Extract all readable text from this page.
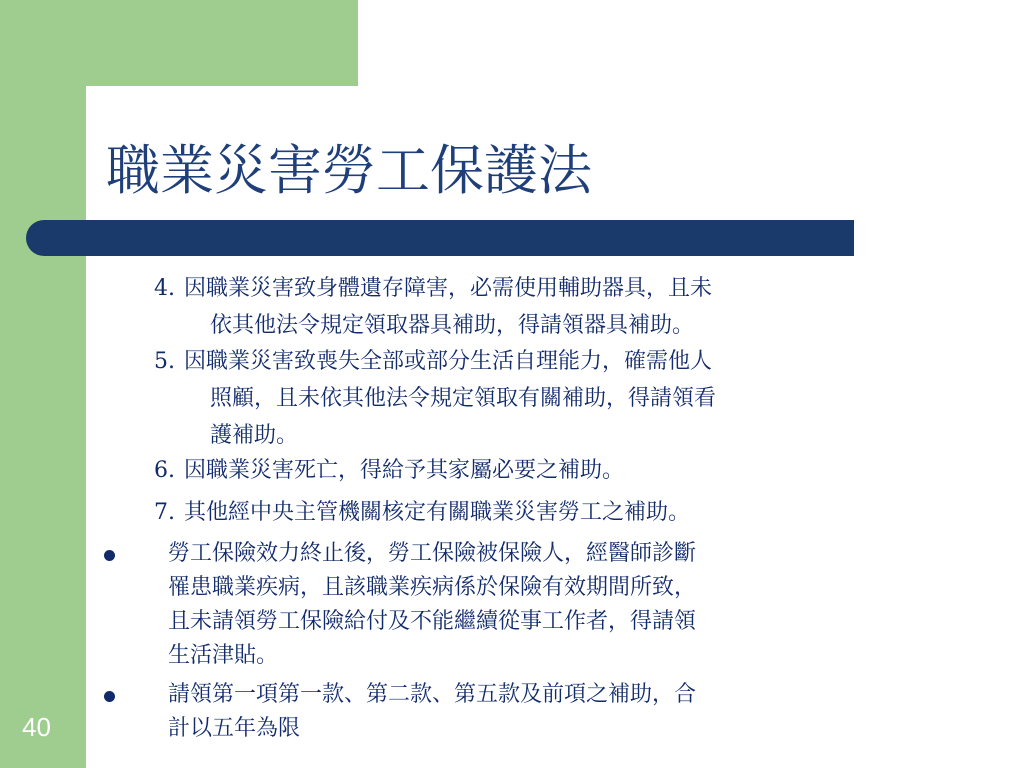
職業災害勞工保護法
4. 因職業災害致身體遺存障害，必需使用輔助器具，且未
依其他法令規定領取器具補助，得請領器具補助。
5. 因職業災害致喪失全部或部分生活自理能力，確需他人
照顧，且未依其他法令規定領取有關補助，得請領看
護補助。
6. 因職業災害死亡，得給予其家屬必要之補助。
7. 其他經中央主管機關核定有關職業災害勞工之補助。
勞工保險效力終止後，勞工保險被保險人，經醫師診斷
罹患職業疾病，且該職業疾病係於保險有效期間所致，
且未請領勞工保險給付及不能繼續從事工作者，得請領
生活津貼。
請領第一項第一款、第二款、第五款及前項之補助，合
計以五年為限
40
